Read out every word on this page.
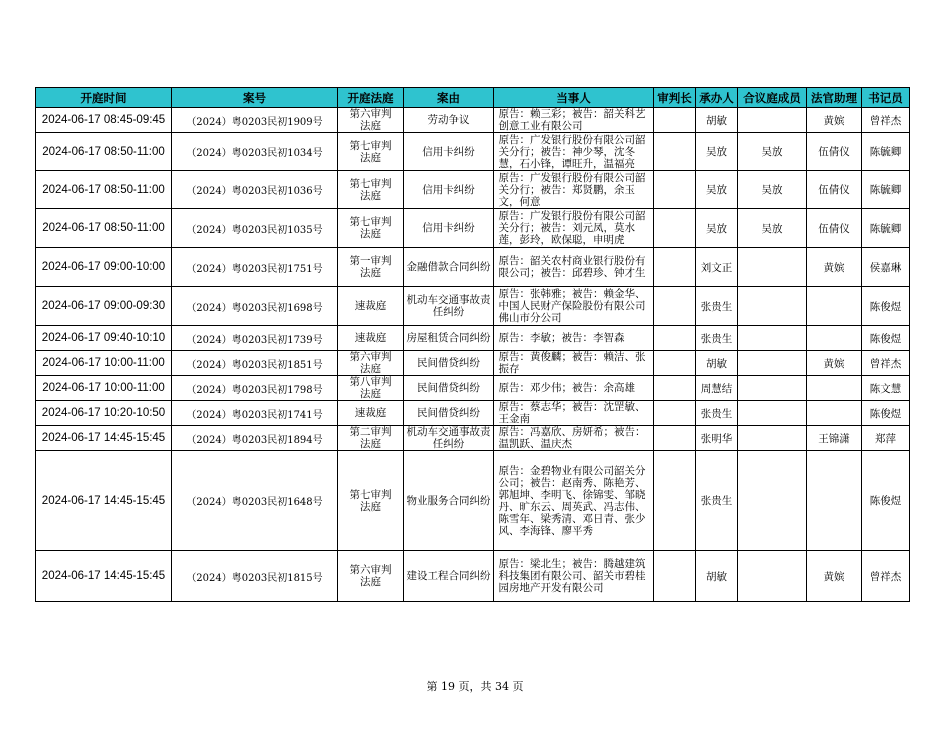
开庭时间	案号	开庭法庭	案由	当事人	审判长	承办人	合议庭成员	法官助理	书记员
2024-06-17 08:45-09:45	（2024）粤0203民初1909号	第六审判法庭	劳动争议	原告：赖三彩；被告：韶关科艺创意工业有限公司		胡敏		黄嫔	曾祥杰
2024-06-17 08:50-11:00	（2024）粤0203民初1034号	第七审判法庭	信用卡纠纷	原告：广发银行股份有限公司韶关分行；被告：神少琴，沈冬慧，石小锋，谭旺升，温福亮		吴放	吴放	伍倩仪	陈毓卿
2024-06-17 08:50-11:00	（2024）粤0203民初1036号	第七审判法庭	信用卡纠纷	原告：广发银行股份有限公司韶关分行；被告：郑贤鹏，余玉文，何意		吴放	吴放	伍倩仪	陈毓卿
2024-06-17 08:50-11:00	（2024）粤0203民初1035号	第七审判法庭	信用卡纠纷	原告：广发银行股份有限公司韶关分行；被告：刘元凤，莫水莲，彭玲，欧保聪，申明虎		吴放	吴放	伍倩仪	陈毓卿
2024-06-17 09:00-10:00	（2024）粤0203民初1751号	第一审判法庭	金融借款合同纠纷	原告：韶关农村商业银行股份有限公司；被告：邱碧珍、钟才生		刘文正		黄嫔	侯嘉琳
2024-06-17 09:00-09:30	（2024）粤0203民初1698号	速裁庭	机动车交通事故责任纠纷	原告：张韩雅；被告：赖金华、中国人民财产保险股份有限公司佛山市分公司		张贵生			陈俊煜
2024-06-17 09:40-10:10	（2024）粤0203民初1739号	速裁庭	房屋租赁合同纠纷	原告：李敏；被告：李智森		张贵生			陈俊煜
2024-06-17 10:00-11:00	（2024）粤0203民初1851号	第六审判法庭	民间借贷纠纷	原告：黄俊麟；被告：赖洁、张振存		胡敏		黄嫔	曾祥杰
2024-06-17 10:00-11:00	（2024）粤0203民初1798号	第八审判法庭	民间借贷纠纷	原告：邓少伟；被告：余高雄		周慧结			陈文慧
2024-06-17 10:20-10:50	（2024）粤0203民初1741号	速裁庭	民间借贷纠纷	原告：蔡志华；被告：沈罡敏、王金南		张贵生			陈俊煜
2024-06-17 14:45-15:45	（2024）粤0203民初1894号	第二审判法庭	机动车交通事故责任纠纷	原告：冯嘉欣、房妍希；被告：温凯跃、温庆杰		张明华		王锦潇	郑萍
2024-06-17 14:45-15:45	（2024）粤0203民初1648号	第七审判法庭	物业服务合同纠纷	原告：金碧物业有限公司韶关分公司；被告：赵南秀、陈艳芳、郭旭坤、李明飞、徐锦雯、邹晓丹、旷东云、周英武、冯志伟、陈雪年、梁秀清、邓日青、张少风、李海锋、廖平秀		张贵生			陈俊煜
2024-06-17 14:45-15:45	（2024）粤0203民初1815号	第六审判法庭	建设工程合同纠纷	原告：梁北生；被告：腾越建筑科技集团有限公司、韶关市碧桂园房地产开发有限公司		胡敏		黄嫔	曾祥杰
第 19 页，共 34 页
